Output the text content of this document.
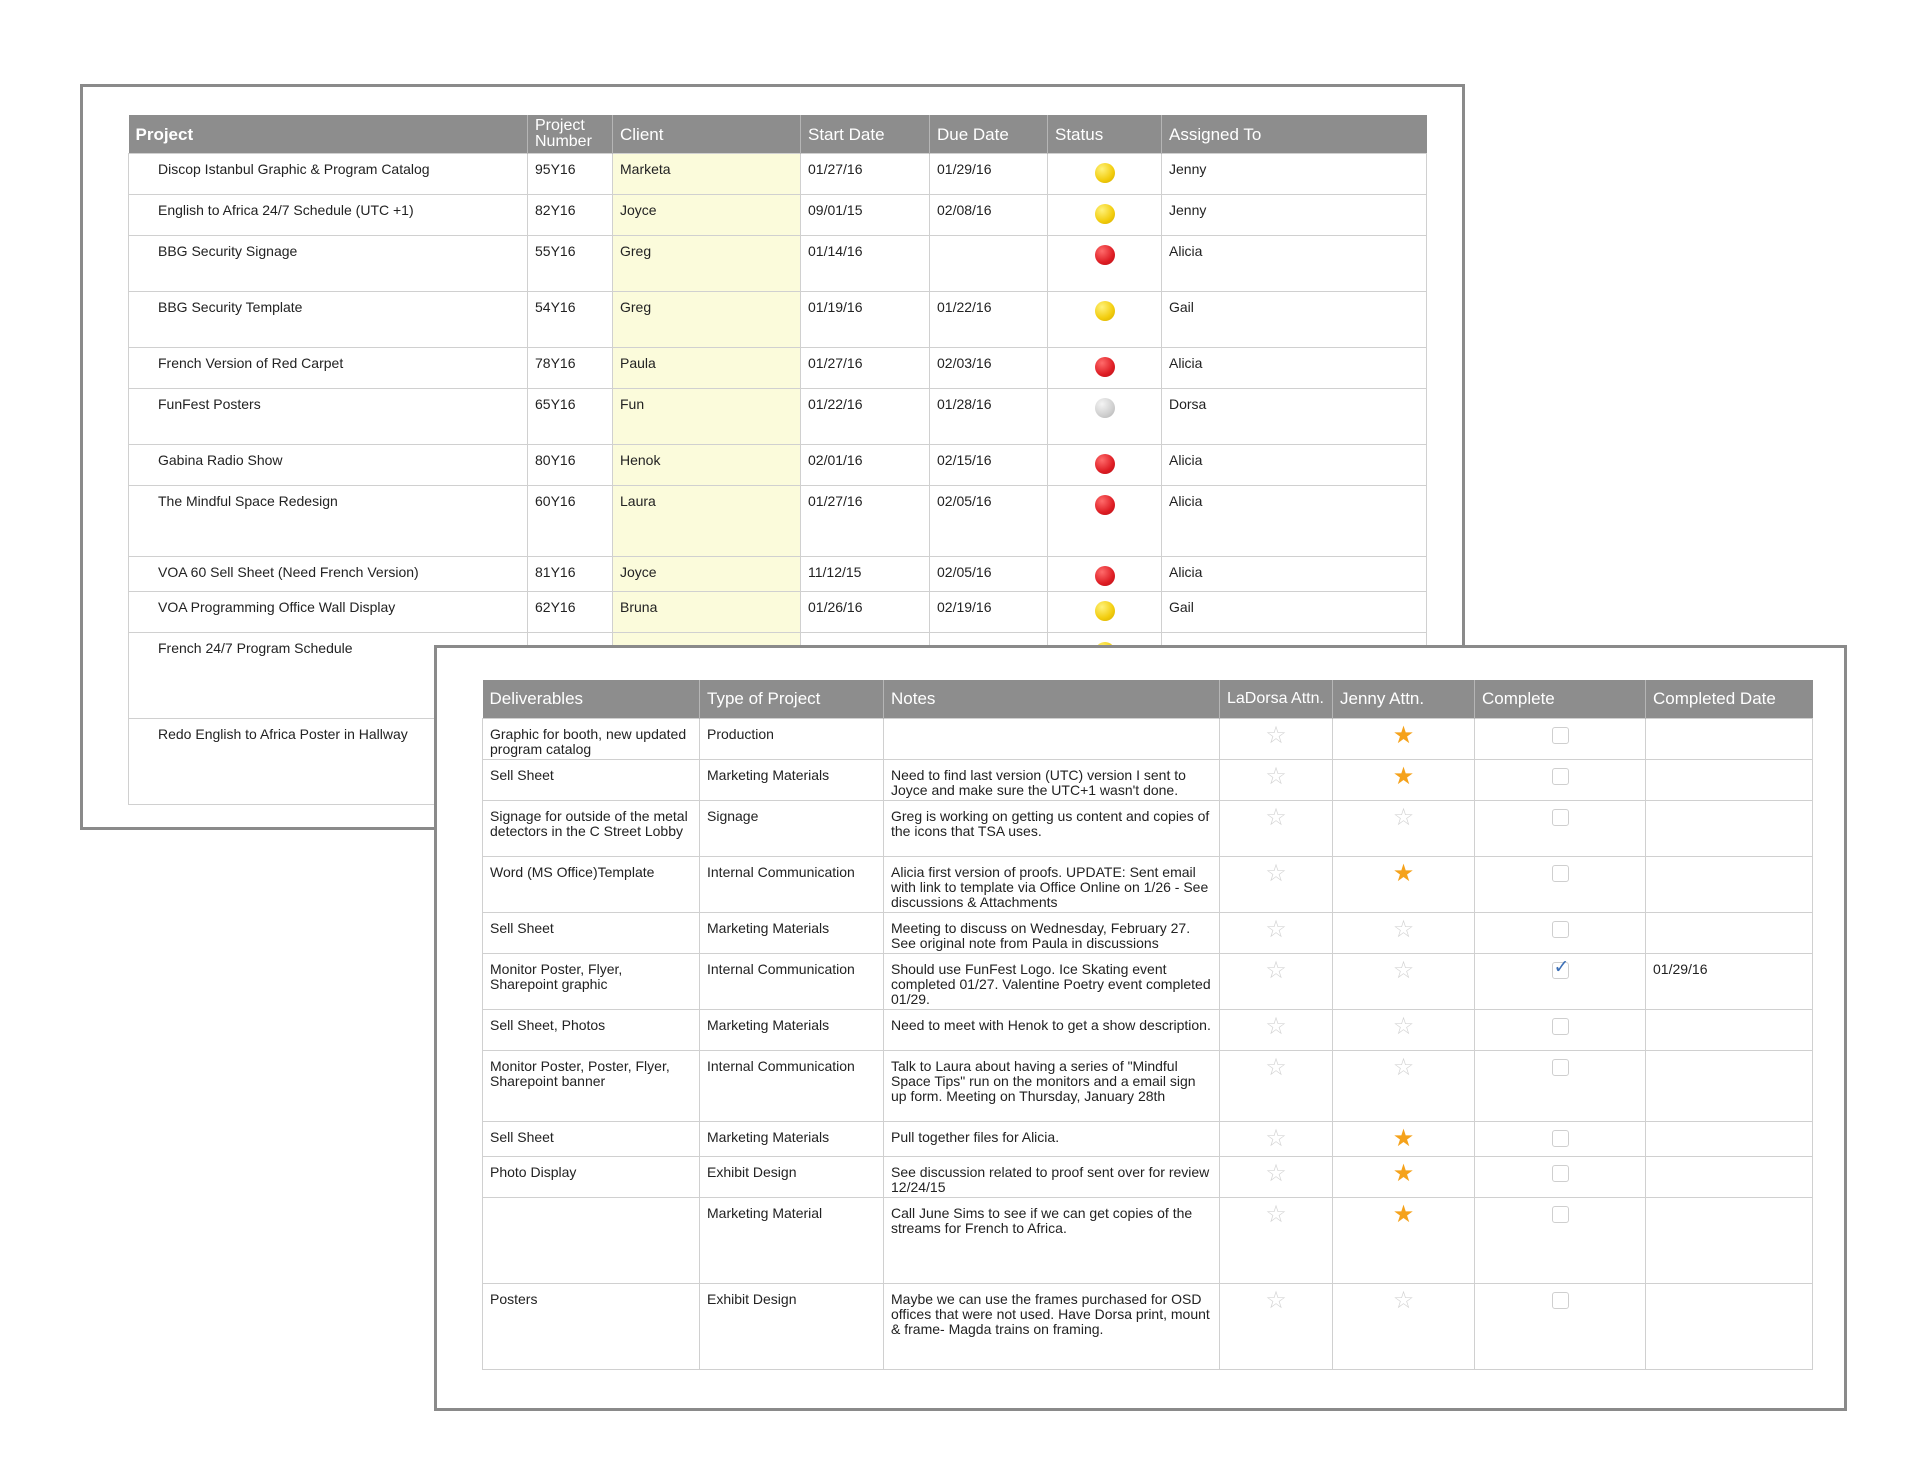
Project	Project Number	Client	Start Date	Due Date	Status	Assigned To
Discop Istanbul Graphic & Program Catalog	95Y16	Marketa	01/27/16	01/29/16		Jenny
English to Africa 24/7 Schedule (UTC +1)	82Y16	Joyce	09/01/15	02/08/16		Jenny
BBG Security Signage	55Y16	Greg	01/14/16			Alicia
BBG Security Template	54Y16	Greg	01/19/16	01/22/16		Gail
French Version of Red Carpet	78Y16	Paula	01/27/16	02/03/16		Alicia
FunFest Posters	65Y16	Fun	01/22/16	01/28/16		Dorsa
Gabina Radio Show	80Y16	Henok	02/01/16	02/15/16		Alicia
The Mindful Space Redesign	60Y16	Laura	01/27/16	02/05/16		Alicia
VOA 60 Sell Sheet (Need French Version)	81Y16	Joyce	11/12/15	02/05/16		Alicia
VOA Programming Office Wall Display	62Y16	Bruna	01/26/16	02/19/16		Gail
French 24/7 Program Schedule						
Redo English to Africa Poster in Hallway						
Deliverables	Type of Project	Notes	LaDorsa Attn.	Jenny Attn.	Complete	Completed Date
Graphic for booth, new updated program catalog	Production		☆	★		
Sell Sheet	Marketing Materials	Need to find last version (UTC) version I sent to Joyce and make sure the UTC+1 wasn't done.	☆	★		
Signage for outside of the metal detectors in the C Street Lobby	Signage	Greg is working on getting us content and copies of the icons that TSA uses.	☆	☆		
Word (MS Office)Template	Internal Communication	Alicia first version of proofs. UPDATE: Sent email with link to template via Office Online on 1/26 - See discussions & Attachments	☆	★		
Sell Sheet	Marketing Materials	Meeting to discuss on Wednesday, February 27. See original note from Paula in discussions	☆	☆		
Monitor Poster, Flyer, Sharepoint graphic	Internal Communication	Should use FunFest Logo. Ice Skating event completed 01/27. Valentine Poetry event completed 01/29.	☆	☆	✓	01/29/16
Sell Sheet, Photos	Marketing Materials	Need to meet with Henok to get a show description.	☆	☆		
Monitor Poster, Poster, Flyer, Sharepoint banner	Internal Communication	Talk to Laura about having a series of "Mindful Space Tips" run on the monitors and a email sign up form. Meeting on Thursday, January 28th	☆	☆		
Sell Sheet	Marketing Materials	Pull together files for Alicia.	☆	★		
Photo Display	Exhibit Design	See discussion related to proof sent over for review 12/24/15	☆	★		
	Marketing Material	Call June Sims to see if we can get copies of the streams for French to Africa.	☆	★		
Posters	Exhibit Design	Maybe we can use the frames purchased for OSD offices that were not used. Have Dorsa print, mount & frame- Magda trains on framing.	☆	☆		
